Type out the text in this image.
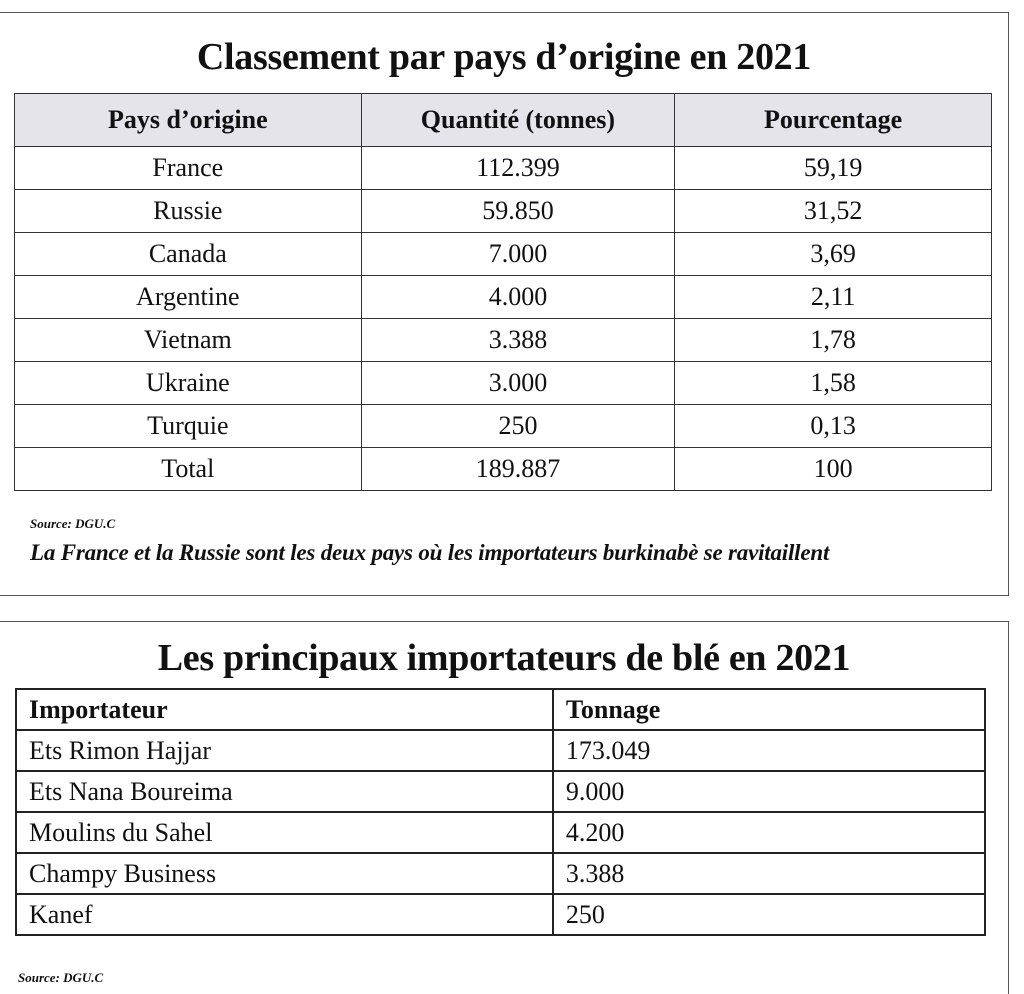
Classement par pays d’origine en 2021
Pays d’origine	Quantité (tonnes)	Pourcentage
France	112.399	59,19
Russie	59.850	31,52
Canada	7.000	3,69
Argentine	4.000	2,11
Vietnam	3.388	1,78
Ukraine	3.000	1,58
Turquie	250	0,13
Total	189.887	100
Source: DGU.C
La France et la Russie sont les deux pays où les importateurs burkinabè se ravitaillent
Les principaux importateurs de blé en 2021
Importateur	Tonnage
Ets Rimon Hajjar	173.049
Ets Nana Boureima	9.000
Moulins du Sahel	4.200
Champy Business	3.388
Kanef	250
Source: DGU.C
